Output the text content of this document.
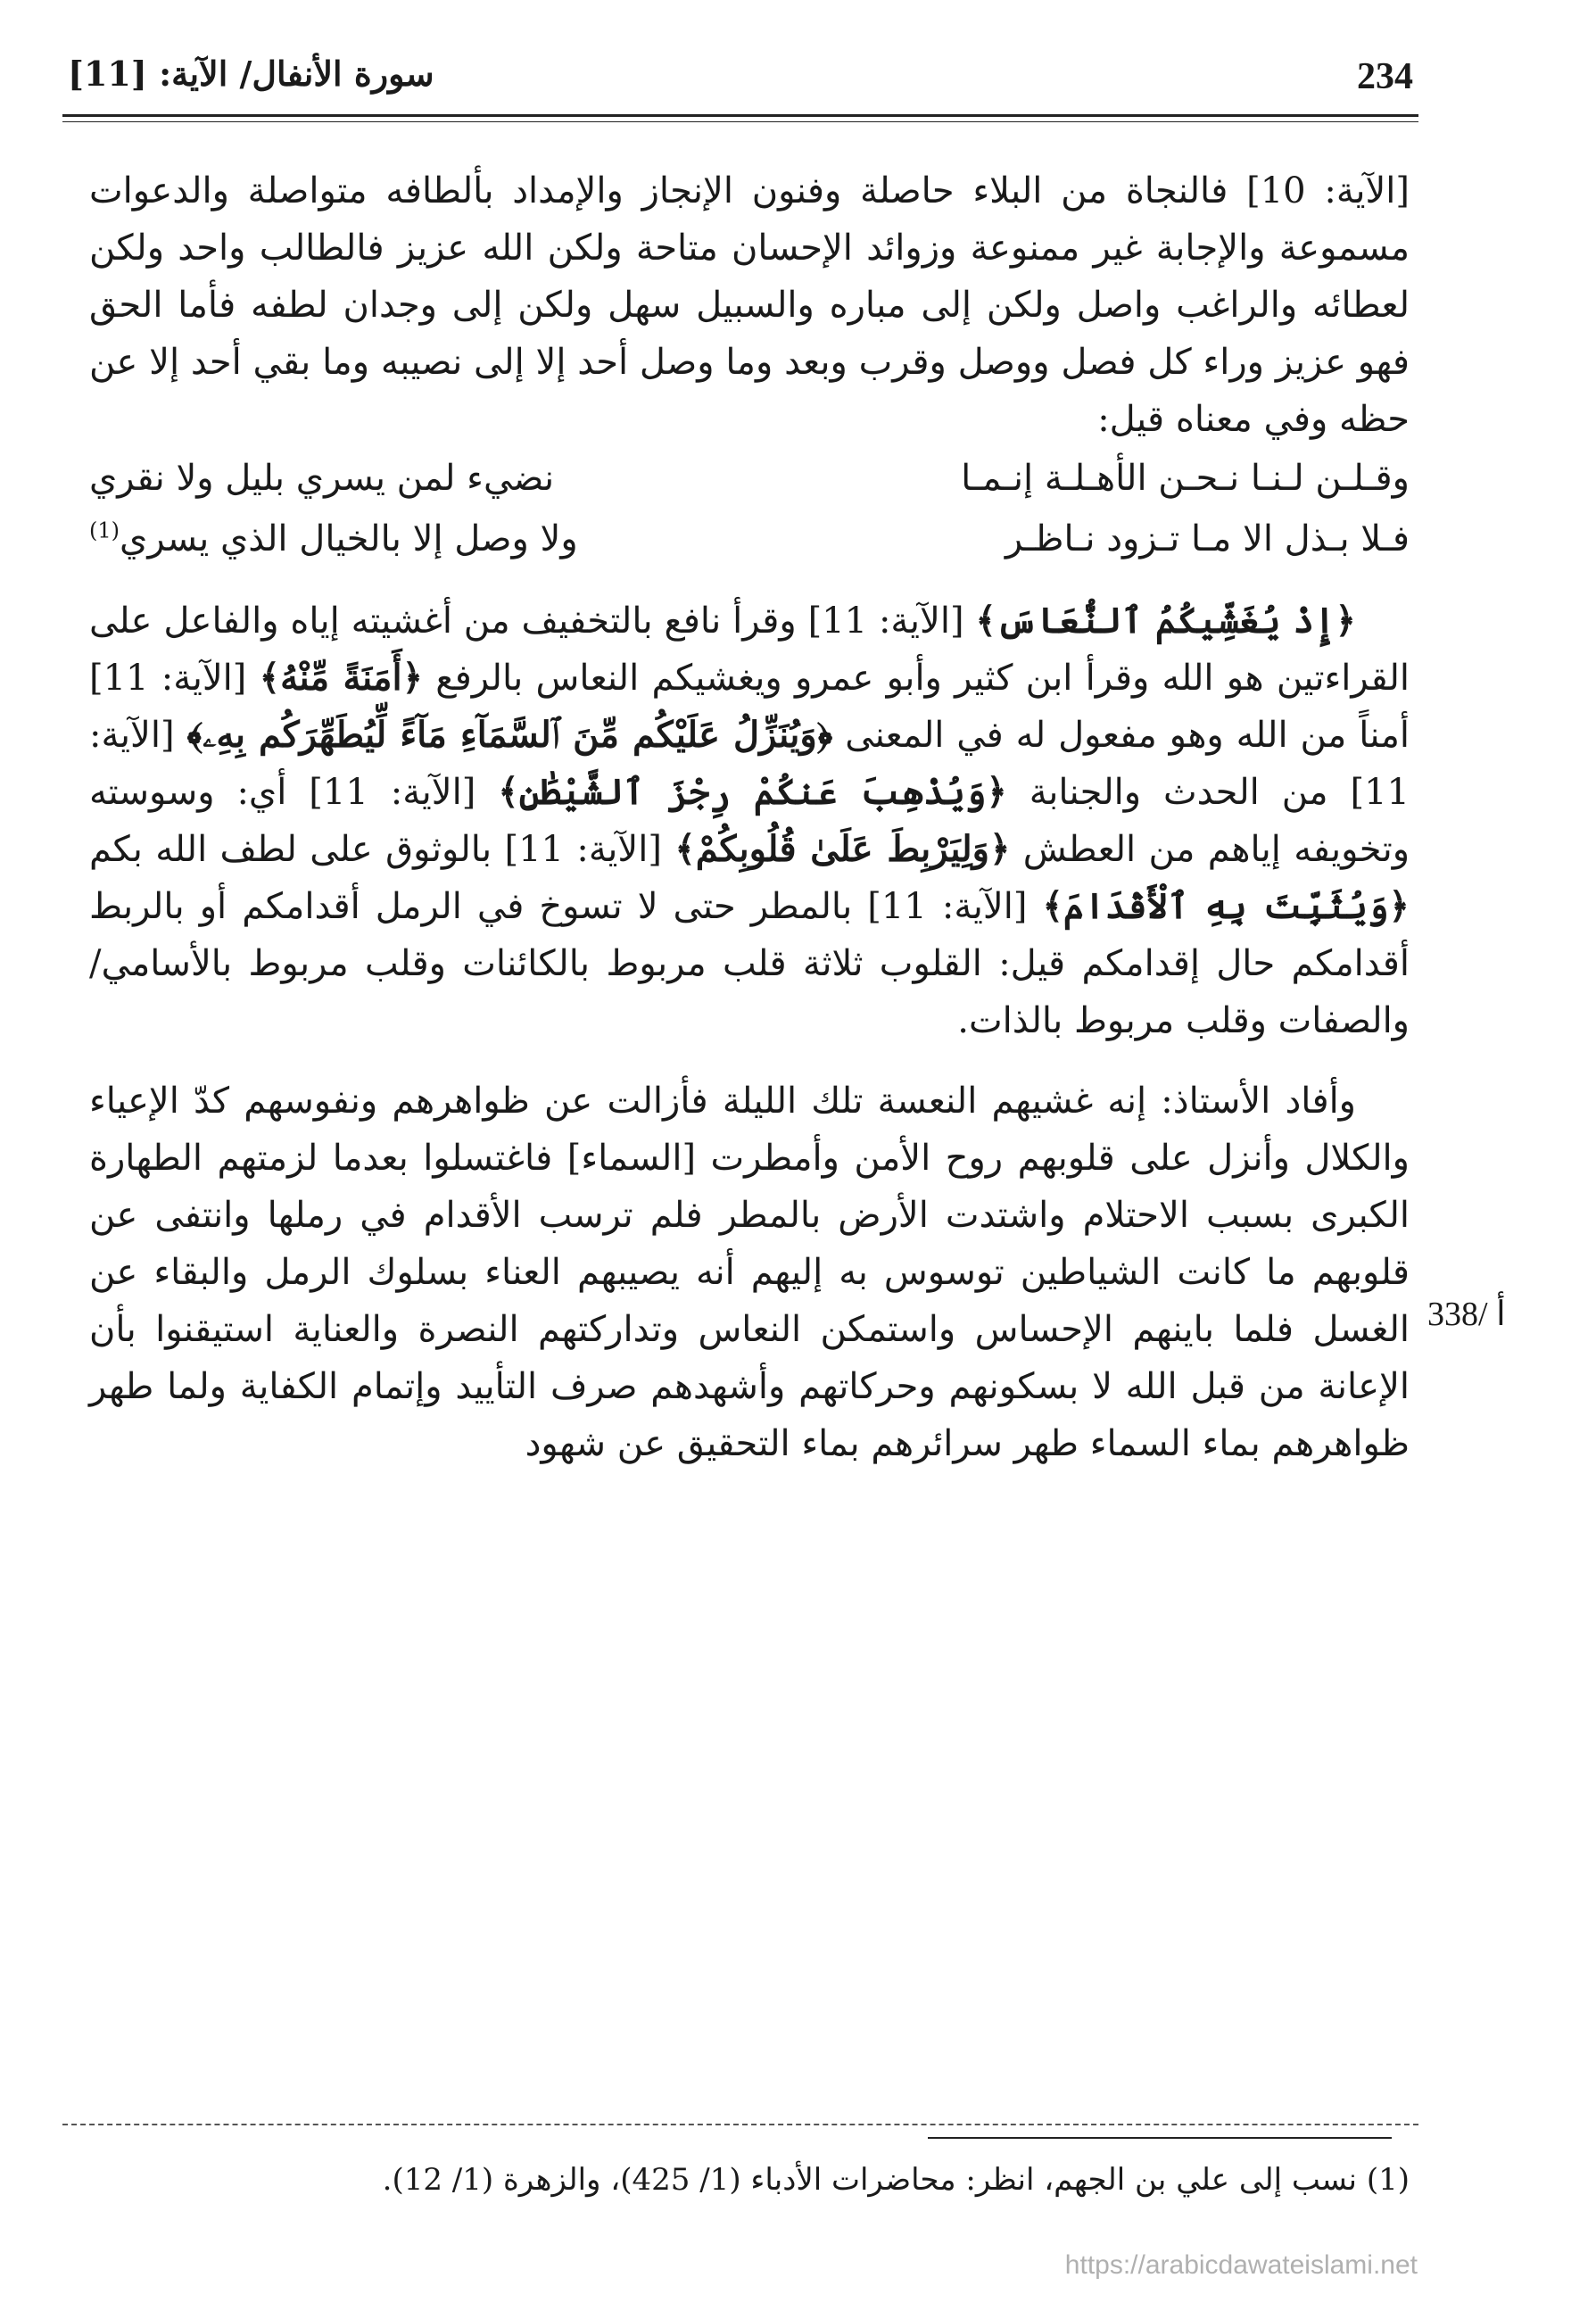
234
سورة الأنفال/ الآية: [11]

[الآية: 10] فالنجاة من البلاء حاصلة وفنون الإنجاز والإمداد بألطافه متواصلة والدعوات مسموعة والإجابة غير ممنوعة وزوائد الإحسان متاحة ولكن الله عزيز فالطالب واحد ولكن لعطائه والراغب واصل ولكن إلى مباره والسبيل سهل ولكن إلى وجدان لطفه فأما الحق فهو عزيز وراء كل فصل ووصل وقرب وبعد وما وصل أحد إلا إلى نصيبه وما بقي أحد إلا عن حظه وفي معناه قيل:

وقـلـن لـنـا نـحـن الأهـلـة إنـمـا
نضيء لمن يسري بليل ولا نقري
فـلا بـذل الا مـا تـزود نـاظـر
ولا وصل إلا بالخيال الذي يسري$^{(1)}$

﴿إِذْ يُغَشِّيكُمُ ٱلنُّعَاسَ﴾ [الآية: 11] وقرأ نافع بالتخفيف من أغشيته إياه والفاعل على القراءتين هو الله وقرأ ابن كثير وأبو عمرو ويغشيكم النعاس بالرفع ﴿أَمَنَةً مِّنْهُ﴾ [الآية: 11] أمناً من الله وهو مفعول له في المعنى ﴿وَيُنَزِّلُ عَلَيْكُم مِّنَ ٱلسَّمَآءِ مَآءً لِّيُطَهِّرَكُم بِهِۦ﴾ [الآية: 11] من الحدث والجنابة ﴿وَيُذْهِبَ عَنكُمْ رِجْزَ ٱلشَّيْطَٰنِ﴾ [الآية: 11] أي: وسوسته وتخويفه إياهم من العطش ﴿وَلِيَرْبِطَ عَلَىٰ قُلُوبِكُمْ﴾ [الآية: 11] بالوثوق على لطف الله بكم ﴿وَيُثَبِّتَ بِهِ ٱلْأَقْدَامَ﴾ [الآية: 11] بالمطر حتى لا تسوخ في الرمل أقدامكم أو بالربط أقدامكم حال إقدامكم قيل: القلوب ثلاثة قلب مربوط بالكائنات وقلب مربوط بالأسامي/ والصفات وقلب مربوط بالذات.

وأفاد الأستاذ: إنه غشيهم النعسة تلك الليلة فأزالت عن ظواهرهم ونفوسهم كدّ الإعياء والكلال وأنزل على قلوبهم روح الأمن وأمطرت [السماء] فاغتسلوا بعدما لزمتهم الطهارة الكبرى بسبب الاحتلام واشتدت الأرض بالمطر فلم ترسب الأقدام في رملها وانتفى عن قلوبهم ما كانت الشياطين توسوس به إليهم أنه يصيبهم العناء بسلوك الرمل والبقاء عن الغسل فلما باينهم الإحساس واستمكن النعاس وتداركتهم النصرة والعناية استيقنوا بأن الإعانة من قبل الله لا بسكونهم وحركاتهم وأشهدهم صرف التأييد وإتمام الكفاية ولما طهر ظواهرهم بماء السماء طهر سرائرهم بماء التحقيق عن شهود

338/ أ
(1) نسب إلى علي بن الجهم، انظر: محاضرات الأدباء (1/ 425)، والزهرة (1/ 12).
https://arabicdawateislami.net
